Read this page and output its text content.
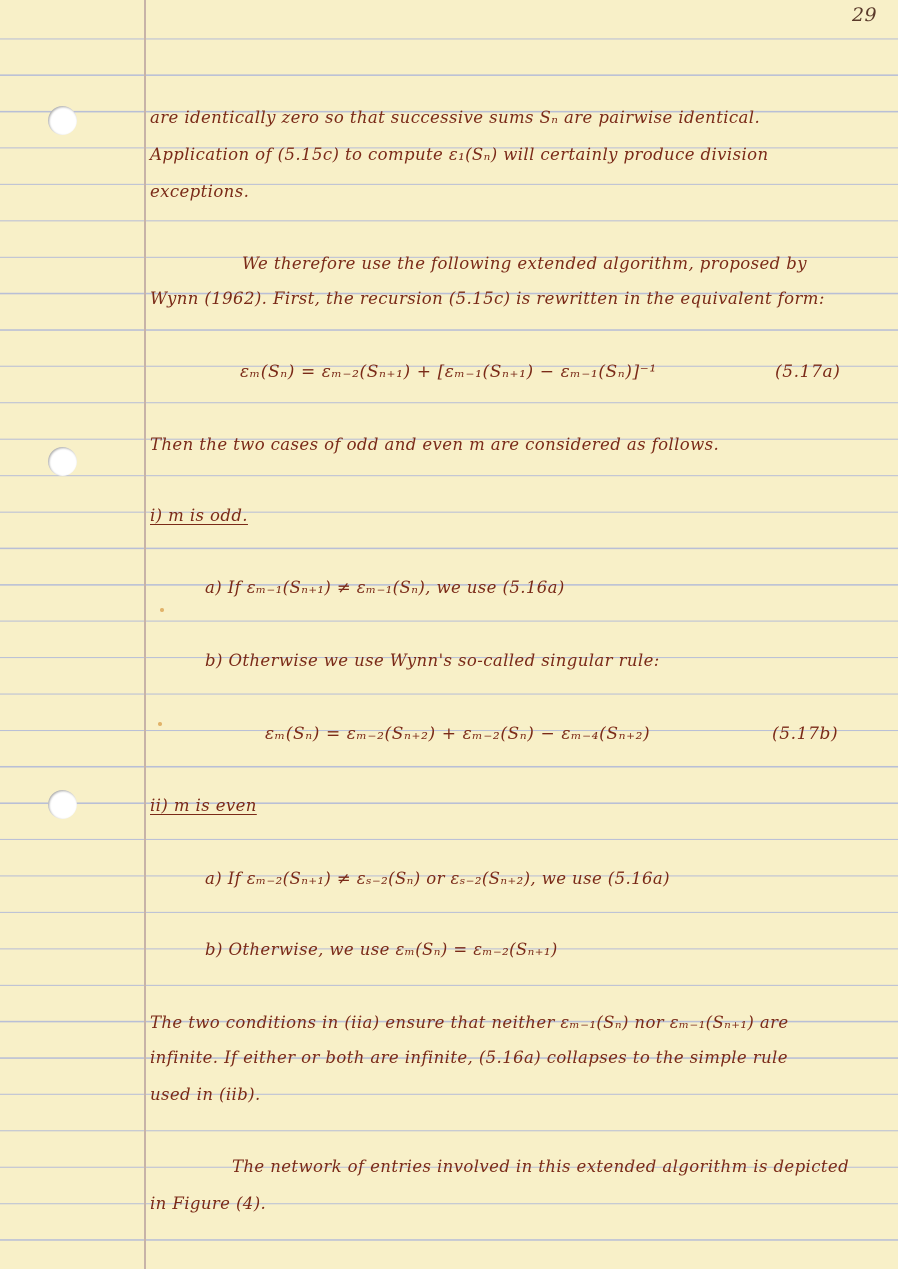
29
are identically zero so that successive sums Sₙ are pairwise identical.
Application of (5.15c) to compute ε₁(Sₙ) will certainly produce division
exceptions.
We therefore use the following extended algorithm, proposed by
Wynn (1962). First, the recursion (5.15c) is rewritten in the equivalent form:
εₘ(Sₙ) = εₘ₋₂(Sₙ₊₁) + [εₘ₋₁(Sₙ₊₁) − εₘ₋₁(Sₙ)]⁻¹	(5.17a)
Then the two cases of odd and even m are considered as follows.
i) m is odd.
a) If εₘ₋₁(Sₙ₊₁) ≠ εₘ₋₁(Sₙ), we use (5.16a)
b) Otherwise we use Wynn's so-called singular rule:
εₘ(Sₙ) = εₘ₋₂(Sₙ₊₂) + εₘ₋₂(Sₙ) − εₘ₋₄(Sₙ₊₂)	(5.17b)
ii) m is even
a) If εₘ₋₂(Sₙ₊₁) ≠ εₛ₋₂(Sₙ) or εₛ₋₂(Sₙ₊₂), we use (5.16a)
b) Otherwise, we use εₘ(Sₙ) = εₘ₋₂(Sₙ₊₁)
The two conditions in (iia) ensure that neither εₘ₋₁(Sₙ) nor εₘ₋₁(Sₙ₊₁) are
infinite. If either or both are infinite, (5.16a) collapses to the simple rule
used in (iib).
The network of entries involved in this extended algorithm is depicted
in Figure (4).
